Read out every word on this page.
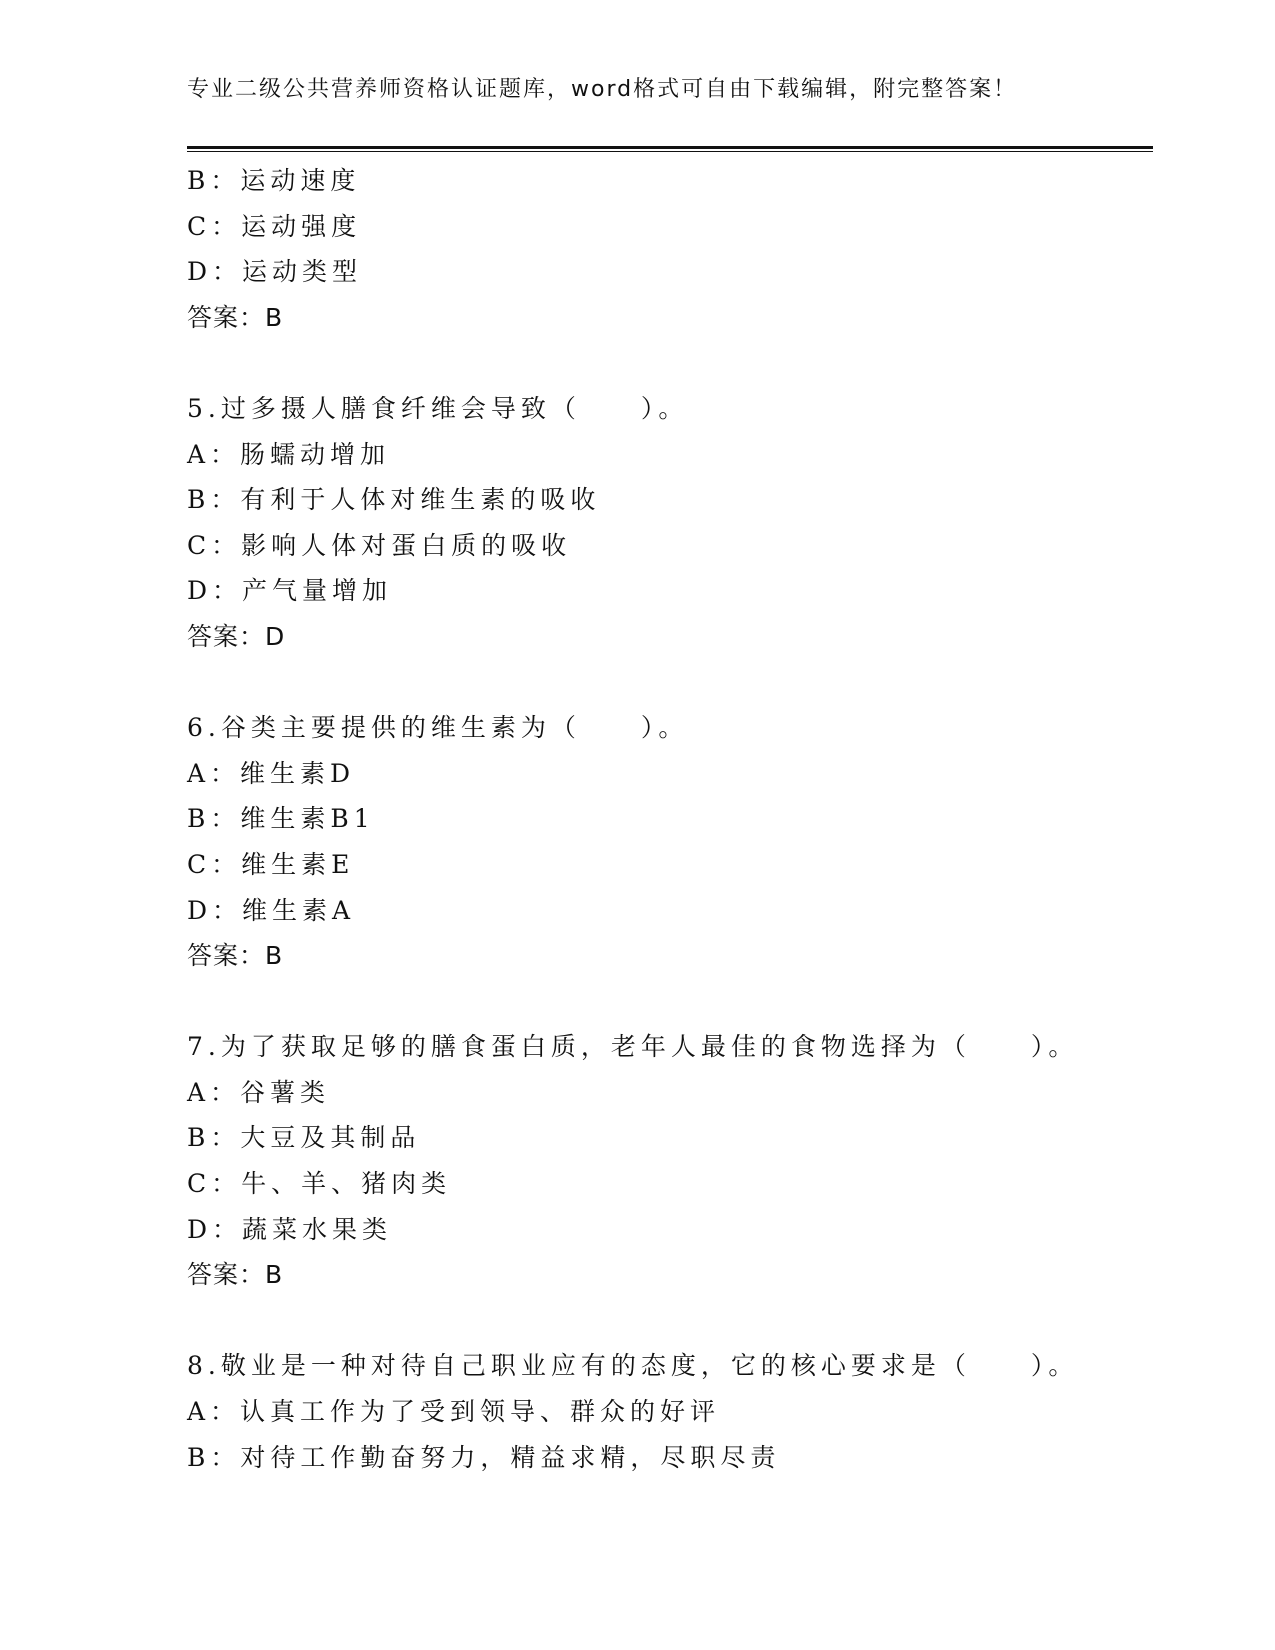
专业二级公共营养师资格认证题库，word格式可自由下载编辑，附完整答案！
B：运动速度
C：运动强度
D：运动类型
答案：B
5.过多摄人膳食纤维会导致（　　）。
A：肠蠕动增加
B：有利于人体对维生素的吸收
C：影响人体对蛋白质的吸收
D：产气量增加
答案：D
6.谷类主要提供的维生素为（　　）。
A：维生素D
B：维生素B1
C：维生素E
D：维生素A
答案：B
7.为了获取足够的膳食蛋白质，老年人最佳的食物选择为（　　）。
A：谷薯类
B：大豆及其制品
C：牛、羊、猪肉类
D：蔬菜水果类
答案：B
8.敬业是一种对待自己职业应有的态度，它的核心要求是（　　）。
A：认真工作为了受到领导、群众的好评
B：对待工作勤奋努力，精益求精，尽职尽责
